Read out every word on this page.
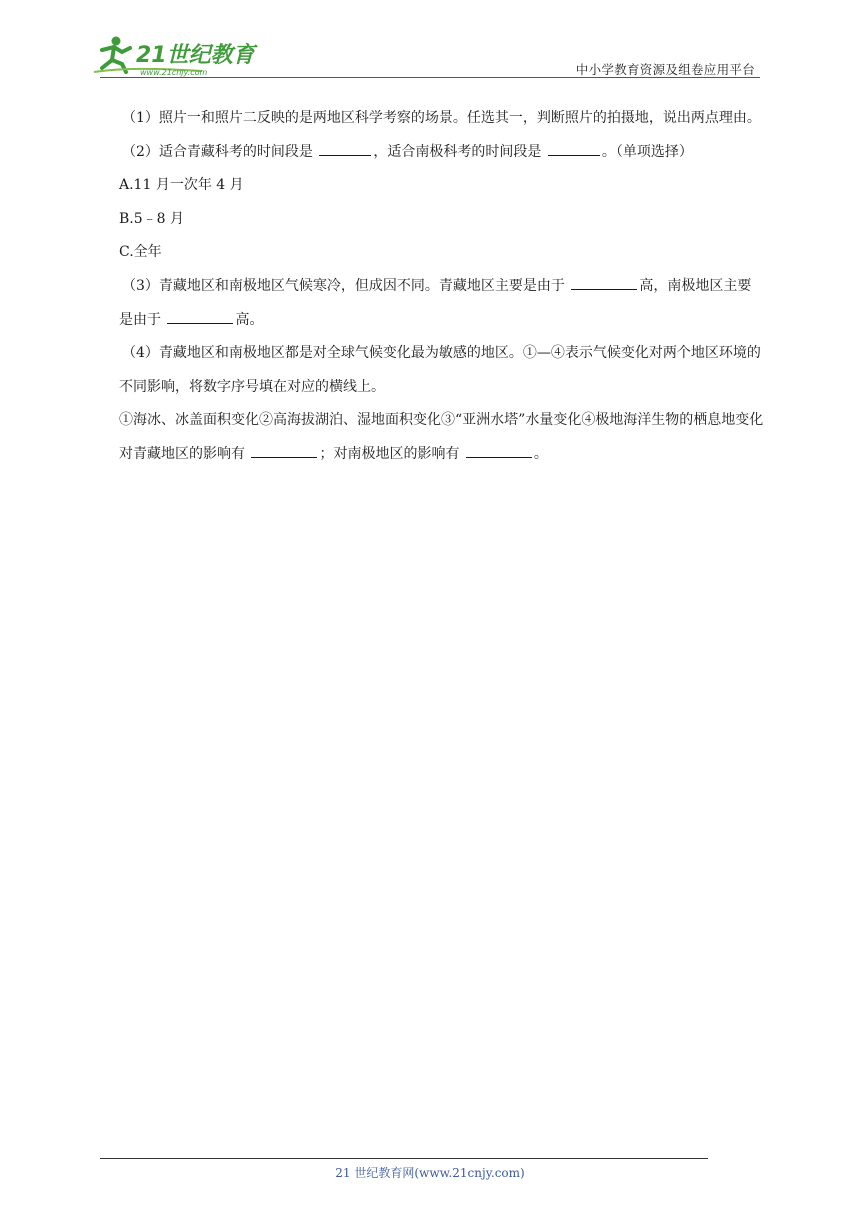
21世纪教育
www.21cnjy.com	中小学教育资源及组卷应用平台

（1）照片一和照片二反映的是两地区科学考察的场景。任选其一，判断照片的拍摄地，说出两点理由。

（2）适合青藏科考的时间段是	，适合南极科考的时间段是	。（单项选择）

A.11 月一次年 4 月

B.5﹣8 月

C.全年

（3）青藏地区和南极地区气候寒冷，但成因不同。青藏地区主要是由于	高，南极地区主要是由于	高。

（4）青藏地区和南极地区都是对全球气候变化最为敏感的地区。①—④表示气候变化对两个地区环境的不同影响，将数字序号填在对应的横线上。

①海冰、冰盖面积变化②高海拔湖泊、湿地面积变化③“亚洲水塔”水量变化④极地海洋生物的栖息地变化

对青藏地区的影响有	；对南极地区的影响有	。

21 世纪教育网(www.21cnjy.com)
